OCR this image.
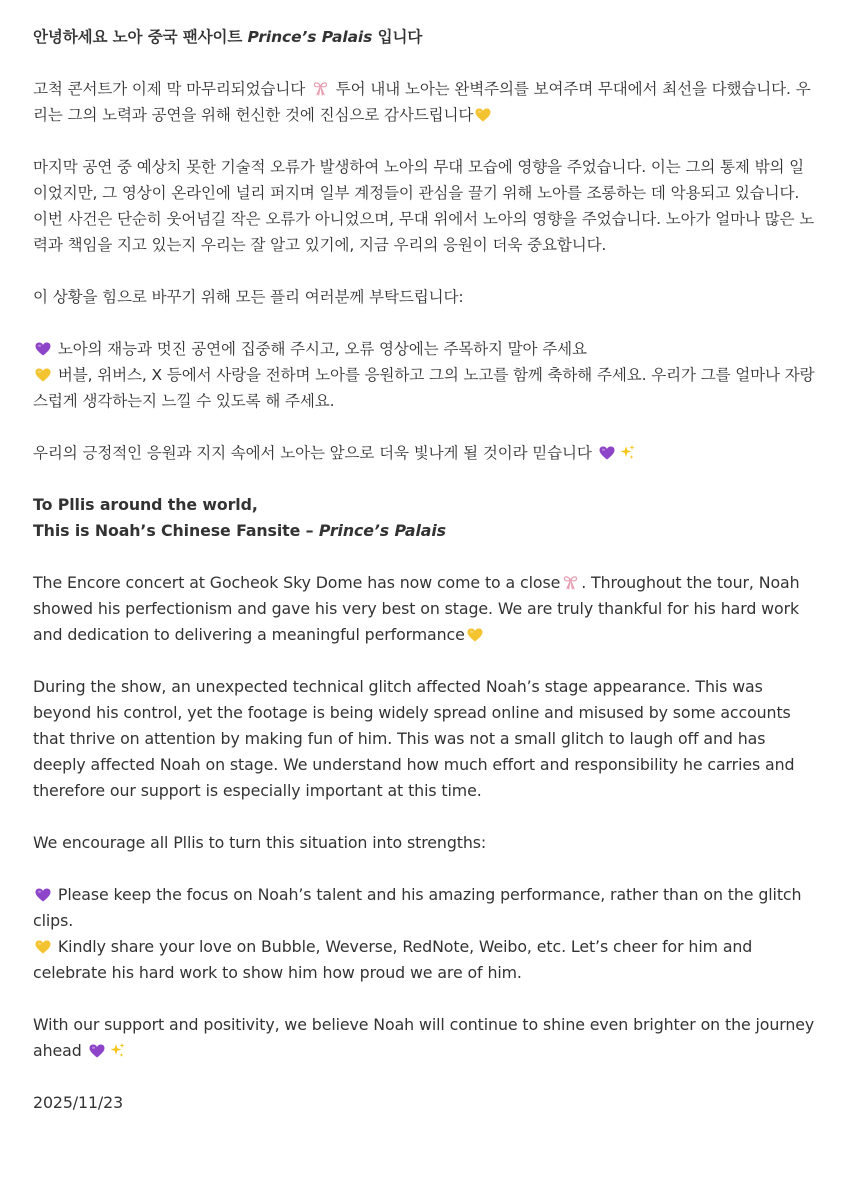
안녕하세요 노아 중국 팬사이트 Prince’s Palais 입니다

고척 콘서트가 이제 막 마무리되었습니다  투어 내내 노아는 완벽주의를 보여주며 무대에서 최선을 다했습니다. 우리는 그의 노력과 공연을 위해 헌신한 것에 진심으로 감사드립니다

마지막 공연 중 예상치 못한 기술적 오류가 발생하여 노아의 무대 모습에 영향을 주었습니다. 이는 그의 통제 밖의 일이었지만, 그 영상이 온라인에 널리 퍼지며 일부 계정들이 관심을 끌기 위해 노아를 조롱하는 데 악용되고 있습니다. 이번 사건은 단순히 웃어넘길 작은 오류가 아니었으며, 무대 위에서 노아의 영향을 주었습니다. 노아가 얼마나 많은 노력과 책임을 지고 있는지 우리는 잘 알고 있기에, 지금 우리의 응원이 더욱 중요합니다.

이 상황을 힘으로 바꾸기 위해 모든 플리 여러분께 부탁드립니다:

노아의 재능과 멋진 공연에 집중해 주시고, 오류 영상에는 주목하지 말아 주세요

버블, 위버스, X 등에서 사랑을 전하며 노아를 응원하고 그의 노고를 함께 축하해 주세요. 우리가 그를 얼마나 자랑스럽게 생각하는지 느낄 수 있도록 해 주세요.

우리의 긍정적인 응원과 지지 속에서 노아는 앞으로 더욱 빛나게 될 것이라 믿습니다

To Pllis around the world,

This is Noah’s Chinese Fansite – Prince’s Palais

The Encore concert at Gocheok Sky Dome has now come to a close . Throughout the tour, Noah showed his perfectionism and gave his very best on stage. We are truly thankful for his hard work and dedication to delivering a meaningful performance

During the show, an unexpected technical glitch affected Noah’s stage appearance. This was beyond his control, yet the footage is being widely spread online and misused by some accounts that thrive on attention by making fun of him. This was not a small glitch to laugh off and has deeply affected Noah on stage. We understand how much effort and responsibility he carries and therefore our support is especially important at this time.

We encourage all Pllis to turn this situation into strengths:

Please keep the focus on Noah’s talent and his amazing performance, rather than on the glitch clips.

Kindly share your love on Bubble, Weverse, RedNote, Weibo, etc. Let’s cheer for him and celebrate his hard work to show him how proud we are of him.

With our support and positivity, we believe Noah will continue to shine even brighter on the journey ahead

2025/11/23
